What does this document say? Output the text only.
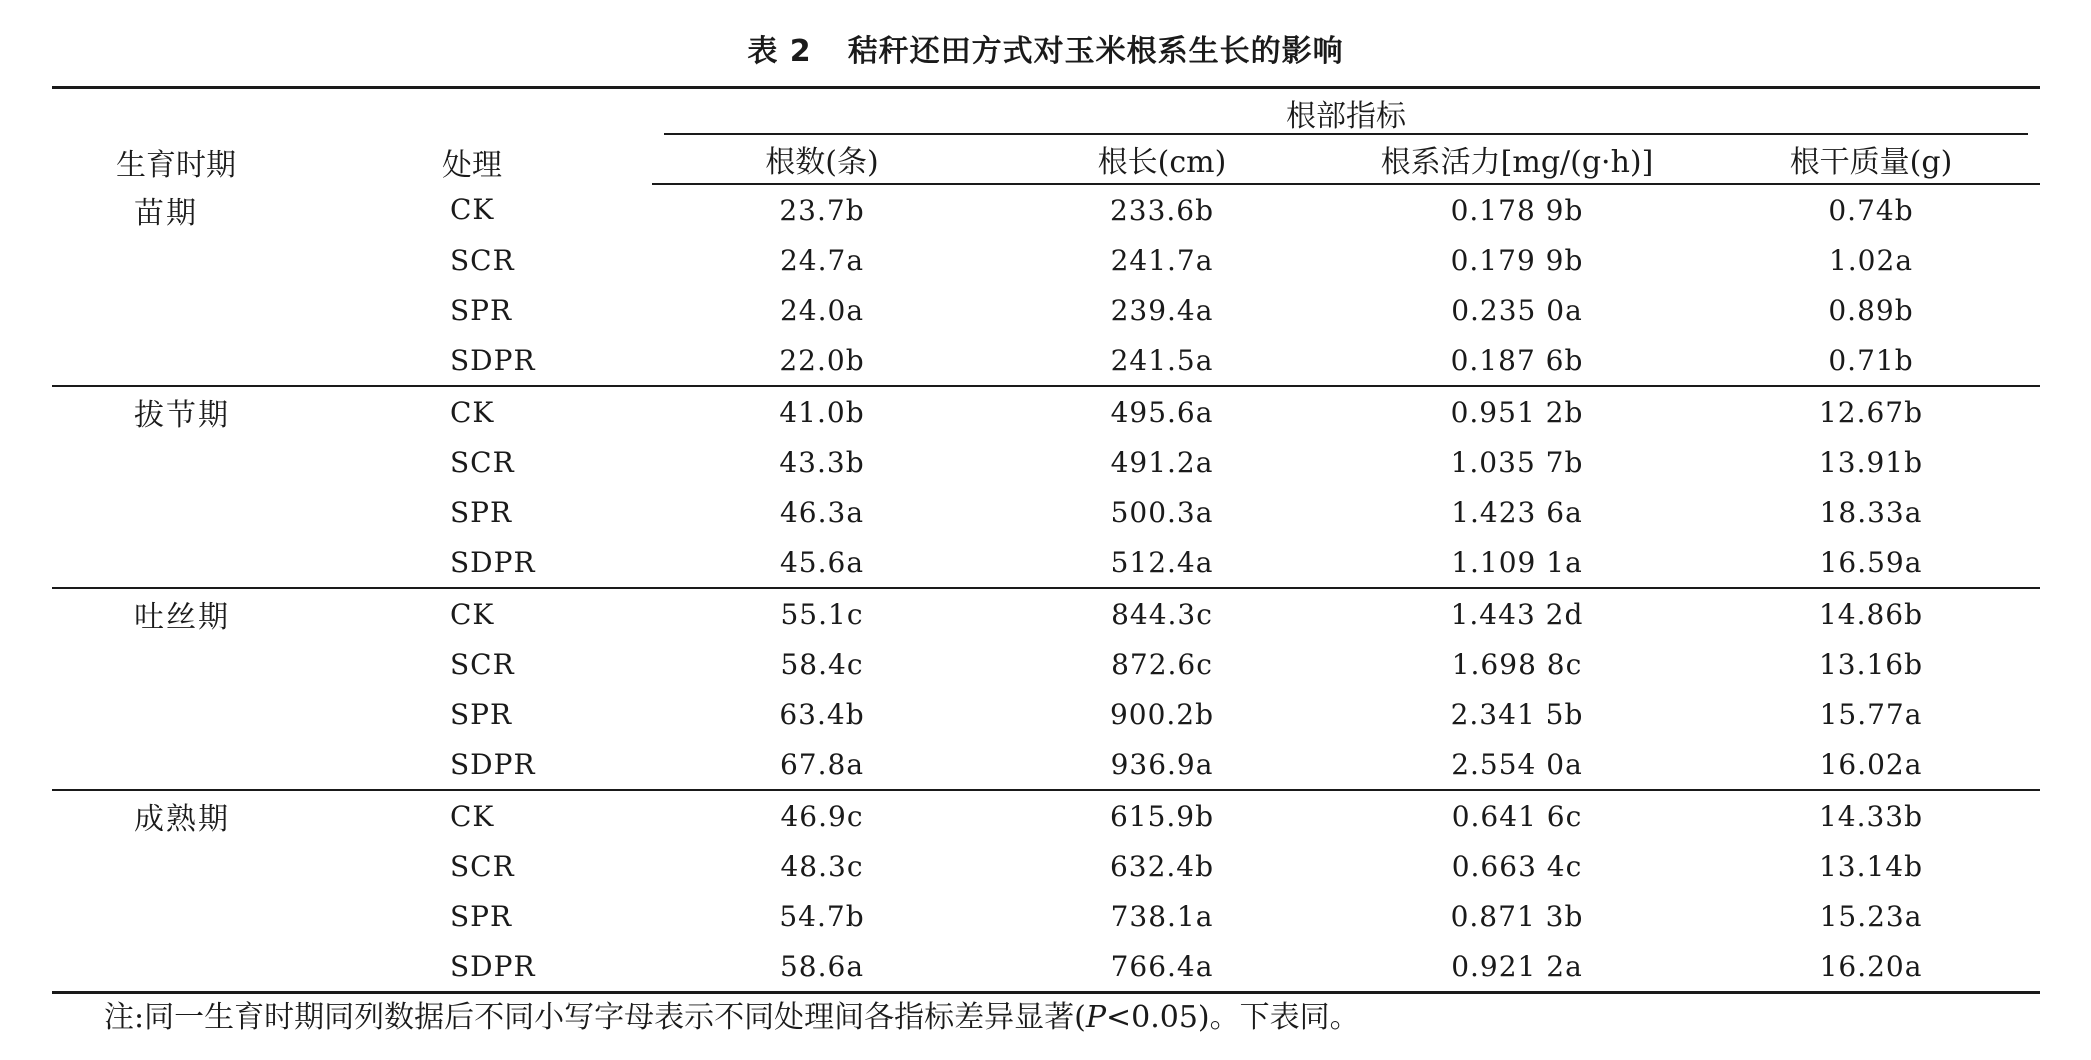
表 2 秸秆还田方式对玉米根系生长的影响
生育时期	处理	根部指标			

		根数(条)	根长(cm)	根系活力[mg/(g·h)]	根干质量(g)
苗期	CK	23.7b	233.6b	0.178 9b	0.74b
	SCR	24.7a	241.7a	0.179 9b	1.02a
	SPR	24.0a	239.4a	0.235 0a	0.89b
	SDPR	22.0b	241.5a	0.187 6b	0.71b
拔节期	CK	41.0b	495.6a	0.951 2b	12.67b
	SCR	43.3b	491.2a	1.035 7b	13.91b
	SPR	46.3a	500.3a	1.423 6a	18.33a
	SDPR	45.6a	512.4a	1.109 1a	16.59a
吐丝期	CK	55.1c	844.3c	1.443 2d	14.86b
	SCR	58.4c	872.6c	1.698 8c	13.16b
	SPR	63.4b	900.2b	2.341 5b	15.77a
	SDPR	67.8a	936.9a	2.554 0a	16.02a
成熟期	CK	46.9c	615.9b	0.641 6c	14.33b
	SCR	48.3c	632.4b	0.663 4c	13.14b
	SPR	54.7b	738.1a	0.871 3b	15.23a
	SDPR	58.6a	766.4a	0.921 2a	16.20a
注:同一生育时期同列数据后不同小写字母表示不同处理间各指标差异显著(P<0.05)。下表同。
